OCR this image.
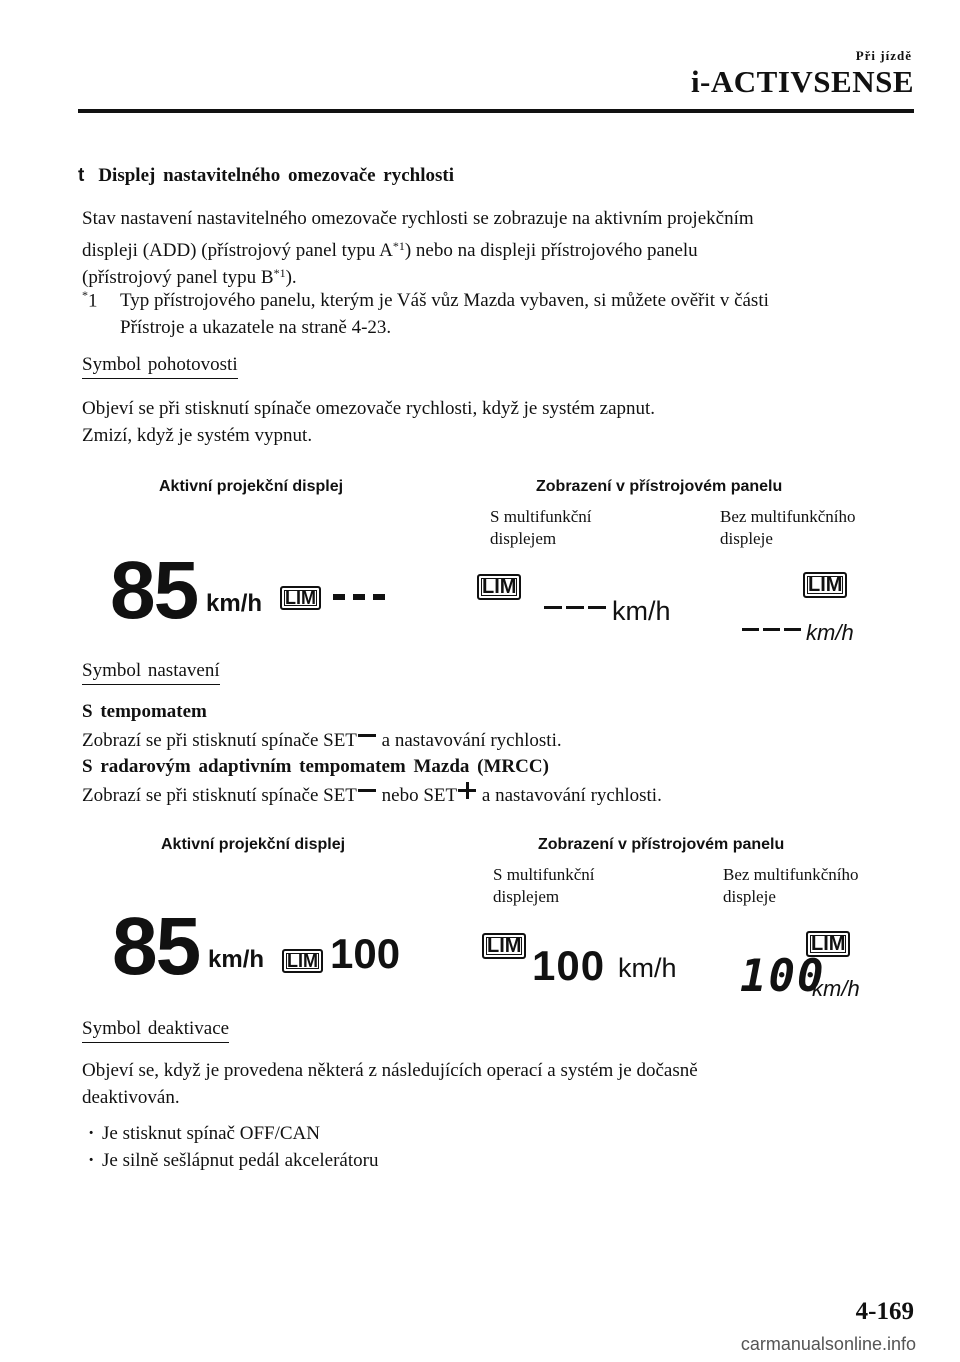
Při jízdě
i-ACTIVSENSE
t Displej nastavitelného omezovače rychlosti
Stav nastavení nastavitelného omezovače rychlosti se zobrazuje na aktivním projekčním
displeji (ADD) (přístrojový panel typu $A^{*1}$) nebo na displeji přístrojového panelu
(přístrojový panel typu $B^{*1}$).
*1 Typ přístrojového panelu, kterým je Váš vůz Mazda vybaven, si můžete ověřit v části
Přístroje a ukazatele na straně 4-23.
Symbol pohotovosti
Objeví se při stisknutí spínače omezovače rychlosti, když je systém zapnut.
Zmizí, když je systém vypnut.
Aktivní projekční displej	Zobrazení v přístrojovém panelu
S multifunkční
displejem
Bez multifunkčního
displeje
85 km/h LIM	LIM
km/h
LIM
km/h
Symbol nastavení
S tempomatem
Zobrazí se při stisknutí spínače SET
a nastavování rychlosti.
S radarovým adaptivním tempomatem Mazda (MRCC)
Zobrazí se při stisknutí spínače SET
nebo SET
a nastavování rychlosti.
Aktivní projekční displej	Zobrazení v přístrojovém panelu
S multifunkční
displejem
Bez multifunkčního
displeje
85 km/h LIM 100	LIM 100 km/h
LIM
100
km/h
Symbol deaktivace
Objeví se, když je provedena některá z následujících operací a systém je dočasně
deaktivován.
· Je stisknut spínač OFF/CAN
· Je silně sešlápnut pedál akcelerátoru
4-169
carmanualsonline.info
